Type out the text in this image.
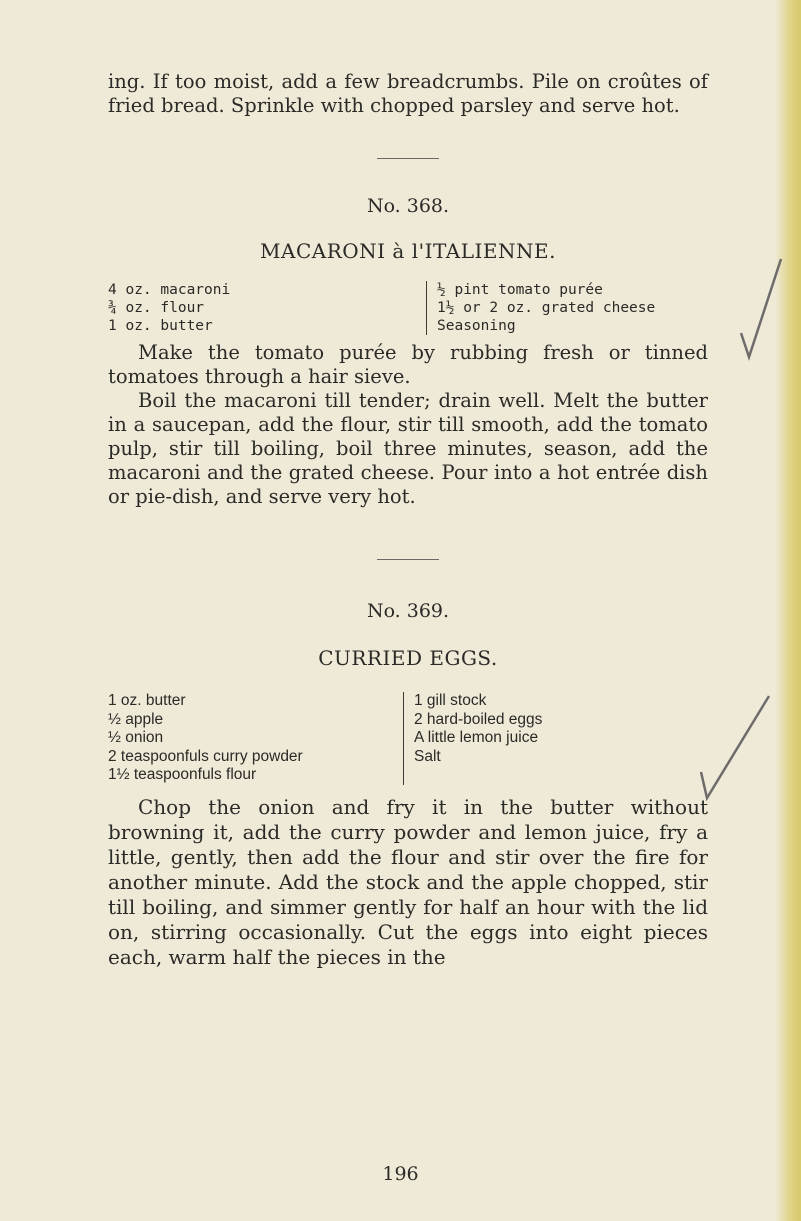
ing. If too moist, add a few breadcrumbs. Pile on croûtes of fried bread. Sprinkle with chopped parsley and serve hot.

No. 368.

MACARONI à l'ITALIENNE.

4 oz. macaroni
¾ oz. flour
1 oz. butter
½ pint tomato purée
1½ or 2 oz. grated cheese
Seasoning

Make the tomato purée by rubbing fresh or tinned tomatoes through a hair sieve.

Boil the macaroni till tender; drain well. Melt the butter in a saucepan, add the flour, stir till smooth, add the tomato pulp, stir till boiling, boil three minutes, season, add the macaroni and the grated cheese. Pour into a hot entrée dish or pie-dish, and serve very hot.

No. 369.

CURRIED EGGS.

1 oz. butter
½ apple
½ onion
2 teaspoonfuls curry powder
1½ teaspoonfuls flour
1 gill stock
2 hard-boiled eggs
A little lemon juice
Salt

Chop the onion and fry it in the butter without browning it, add the curry powder and lemon juice, fry a little, gently, then add the flour and stir over the fire for another minute. Add the stock and the apple chopped, stir till boiling, and simmer gently for half an hour with the lid on, stirring occasionally. Cut the eggs into eight pieces each, warm half the pieces in the

196
